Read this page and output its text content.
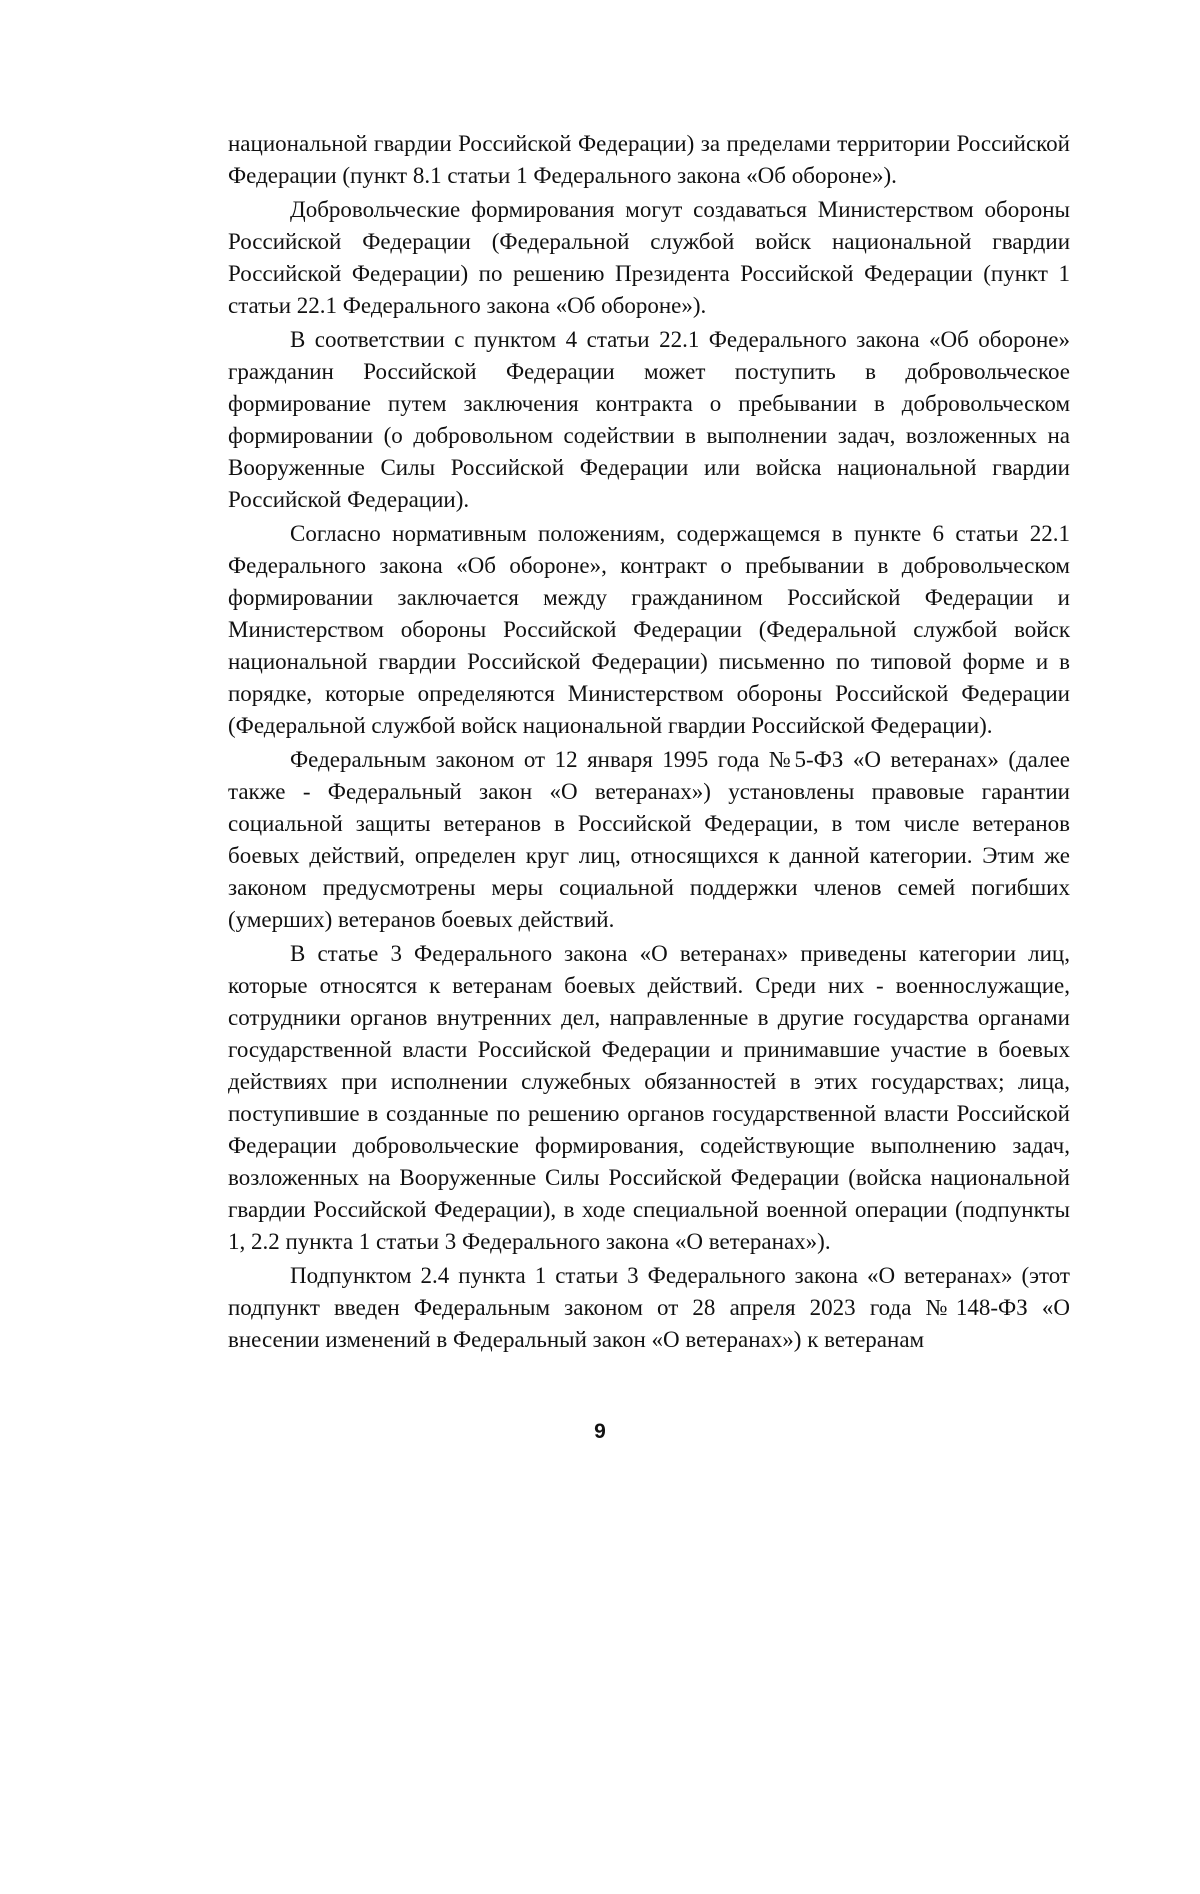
национальной гвардии Российской Федерации) за пределами территории Российской Федерации (пункт 8.1 статьи 1 Федерального закона «Об обороне»).

Добровольческие формирования могут создаваться Министерством обороны Российской Федерации (Федеральной службой войск национальной гвардии Российской Федерации) по решению Президента Российской Федерации (пункт 1 статьи 22.1 Федерального закона «Об обороне»).

В соответствии с пунктом 4 статьи 22.1 Федерального закона «Об обороне» гражданин Российской Федерации может поступить в добровольческое формирование путем заключения контракта о пребывании в добровольческом формировании (о добровольном содействии в выполнении задач, возложенных на Вооруженные Силы Российской Федерации или войска национальной гвардии Российской Федерации).

Согласно нормативным положениям, содержащемся в пункте 6 статьи 22.1 Федерального закона «Об обороне», контракт о пребывании в добровольческом формировании заключается между гражданином Российской Федерации и Министерством обороны Российской Федерации (Федеральной службой войск национальной гвардии Российской Федерации) письменно по типовой форме и в порядке, которые определяются Министерством обороны Российской Федерации (Федеральной службой войск национальной гвардии Российской Федерации).

Федеральным законом от 12 января 1995 года №5-ФЗ «О ветеранах» (далее также - Федеральный закон «О ветеранах») установлены правовые гарантии социальной защиты ветеранов в Российской Федерации, в том числе ветеранов боевых действий, определен круг лиц, относящихся к данной категории. Этим же законом предусмотрены меры социальной поддержки членов семей погибших (умерших) ветеранов боевых действий.

В статье 3 Федерального закона «О ветеранах» приведены категории лиц, которые относятся к ветеранам боевых действий. Среди них - военнослужащие, сотрудники органов внутренних дел, направленные в другие государства органами государственной власти Российской Федерации и принимавшие участие в боевых действиях при исполнении служебных обязанностей в этих государствах; лица, поступившие в созданные по решению органов государственной власти Российской Федерации добровольческие формирования, содействующие выполнению задач, возложенных на Вооруженные Силы Российской Федерации (войска национальной гвардии Российской Федерации), в ходе специальной военной операции (подпункты 1, 2.2 пункта 1 статьи 3 Федерального закона «О ветеранах»).

Подпунктом 2.4 пункта 1 статьи 3 Федерального закона «О ветеранах» (этот подпункт введен Федеральным законом от 28 апреля 2023 года №148-ФЗ «О внесении изменений в Федеральный закон «О ветеранах») к ветеранам

9
